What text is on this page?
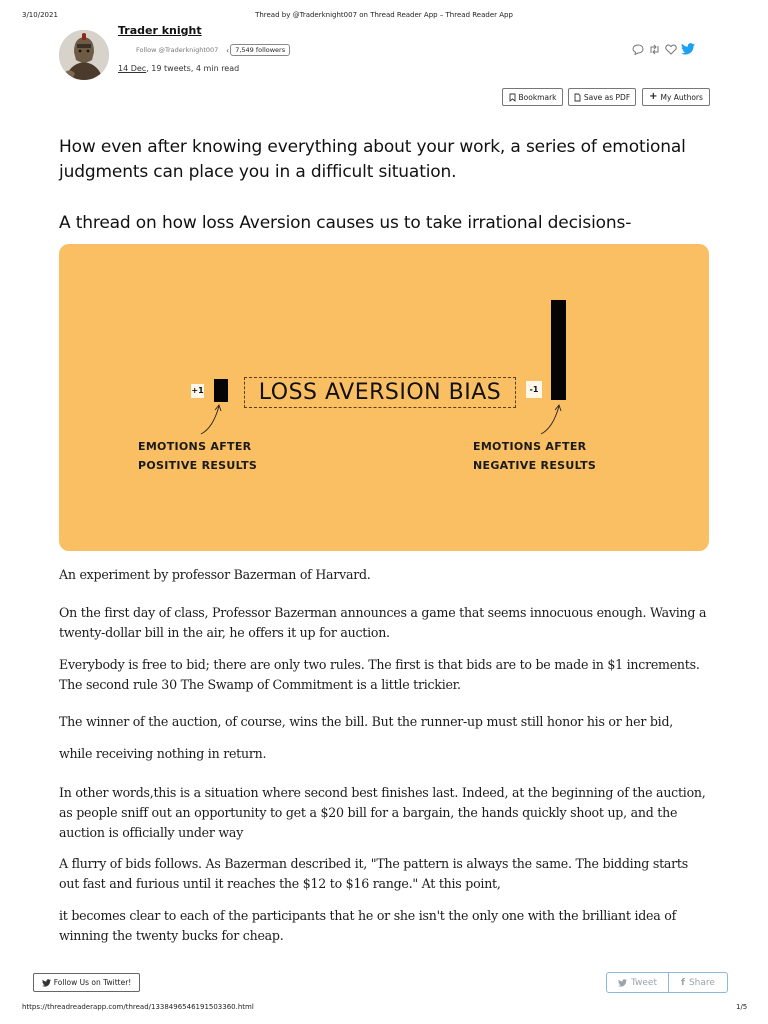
3/10/2021	Thread by @Traderknight007 on Thread Reader App – Thread Reader App
Trader knight
Follow @Traderknight007 ‹ 7,549 followers
14 Dec, 19 tweets, 4 min read
Bookmark	Save as PDF + My Authors
How even after knowing everything about your work, a series of emotional judgments can place you in a difficult situation.
A thread on how loss Aversion causes us to take irrational decisions-
+1	LOSS AVERSION BIAS	-1
EMOTIONS AFTER
POSITIVE RESULTS
EMOTIONS AFTER
NEGATIVE RESULTS
An experiment by professor Bazerman of Harvard.
On the first day of class, Professor Bazerman announces a game that seems innocuous enough. Waving a twenty-dollar bill in the air, he offers it up for auction.
Everybody is free to bid; there are only two rules. The first is that bids are to be made in $1 increments. The second rule 30 The Swamp of Commitment is a little trickier.
The winner of the auction, of course, wins the bill. But the runner-up must still honor his or her bid,
while receiving nothing in return.
In other words,this is a situation where second best finishes last. Indeed, at the beginning of the auction, as people sniff out an opportunity to get a $20 bill for a bargain, the hands quickly shoot up, and the auction is officially under way
A flurry of bids follows. As Bazerman described it, "The pattern is always the same. The bidding starts out fast and furious until it reaches the $12 to $16 range." At this point,
it becomes clear to each of the participants that he or she isn't the only one with the brilliant idea of winning the twenty bucks for cheap.
Follow Us on Twitter!	Tweet	f Share
https://threadreaderapp.com/thread/1338496546191503360.html	1/5
